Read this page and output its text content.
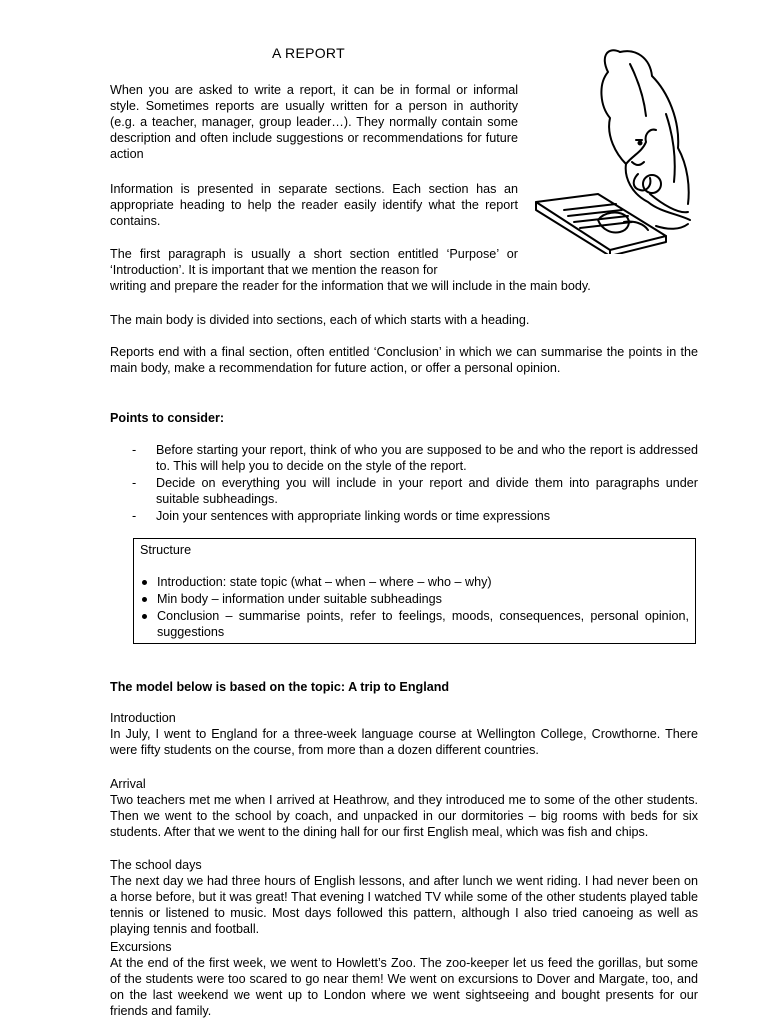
A REPORT

When you are asked to write a report, it can be in formal or informal style. Sometimes reports are usually written for a person in authority (e.g. a teacher, manager, group leader…). They normally contain some description and often include suggestions or recommendations for future action

Information is presented in separate sections. Each section has an appropriate heading to help the reader easily identify what the report contains.

The first paragraph is usually a short section entitled ‘Purpose’ or ‘Introduction’. It is important that we mention the reason for

writing and prepare the reader for the information that we will include in the main body.

The main body is divided into sections, each of which starts with a heading.

Reports end with a final section, often entitled ‘Conclusion’ in which we can summarise the points in the main body, make a recommendation for future action, or offer a personal opinion.

Points to consider:

- Before starting your report, think of who you are supposed to be and who the report is addressed to. This will help you to decide on the style of the report.
- Decide on everything you will include in your report and divide them into paragraphs under suitable subheadings.
- Join your sentences with appropriate linking words or time expressions
Structure
Introduction: state topic (what – when – where – who – why)
Min body – information under suitable subheadings
Conclusion – summarise points, refer to feelings, moods, consequences, personal opinion, suggestions

The model below is based on the topic: A trip to England

Introduction
In July, I went to England for a three-week language course at Wellington College, Crowthorne. There were fifty students on the course, from more than a dozen different countries.
Arrival
Two teachers met me when I arrived at Heathrow, and they introduced me to some of the other students. Then we went to the school by coach, and unpacked in our dormitories – big rooms with beds for six students. After that we went to the dining hall for our first English meal, which was fish and chips.
The school days
The next day we had three hours of English lessons, and after lunch we went riding. I had never been on a horse before, but it was great! That evening I watched TV while some of the other students played table tennis or listened to music. Most days followed this pattern, although I also tried canoeing as well as playing tennis and football.
Excursions
At the end of the first week, we went to Howlett’s Zoo. The zoo-keeper let us feed the gorillas, but some of the students were too scared to go near them! We went on excursions to Dover and Margate, too, and on the last weekend we went up to London where we went sightseeing and bought presents for our friends and family.
